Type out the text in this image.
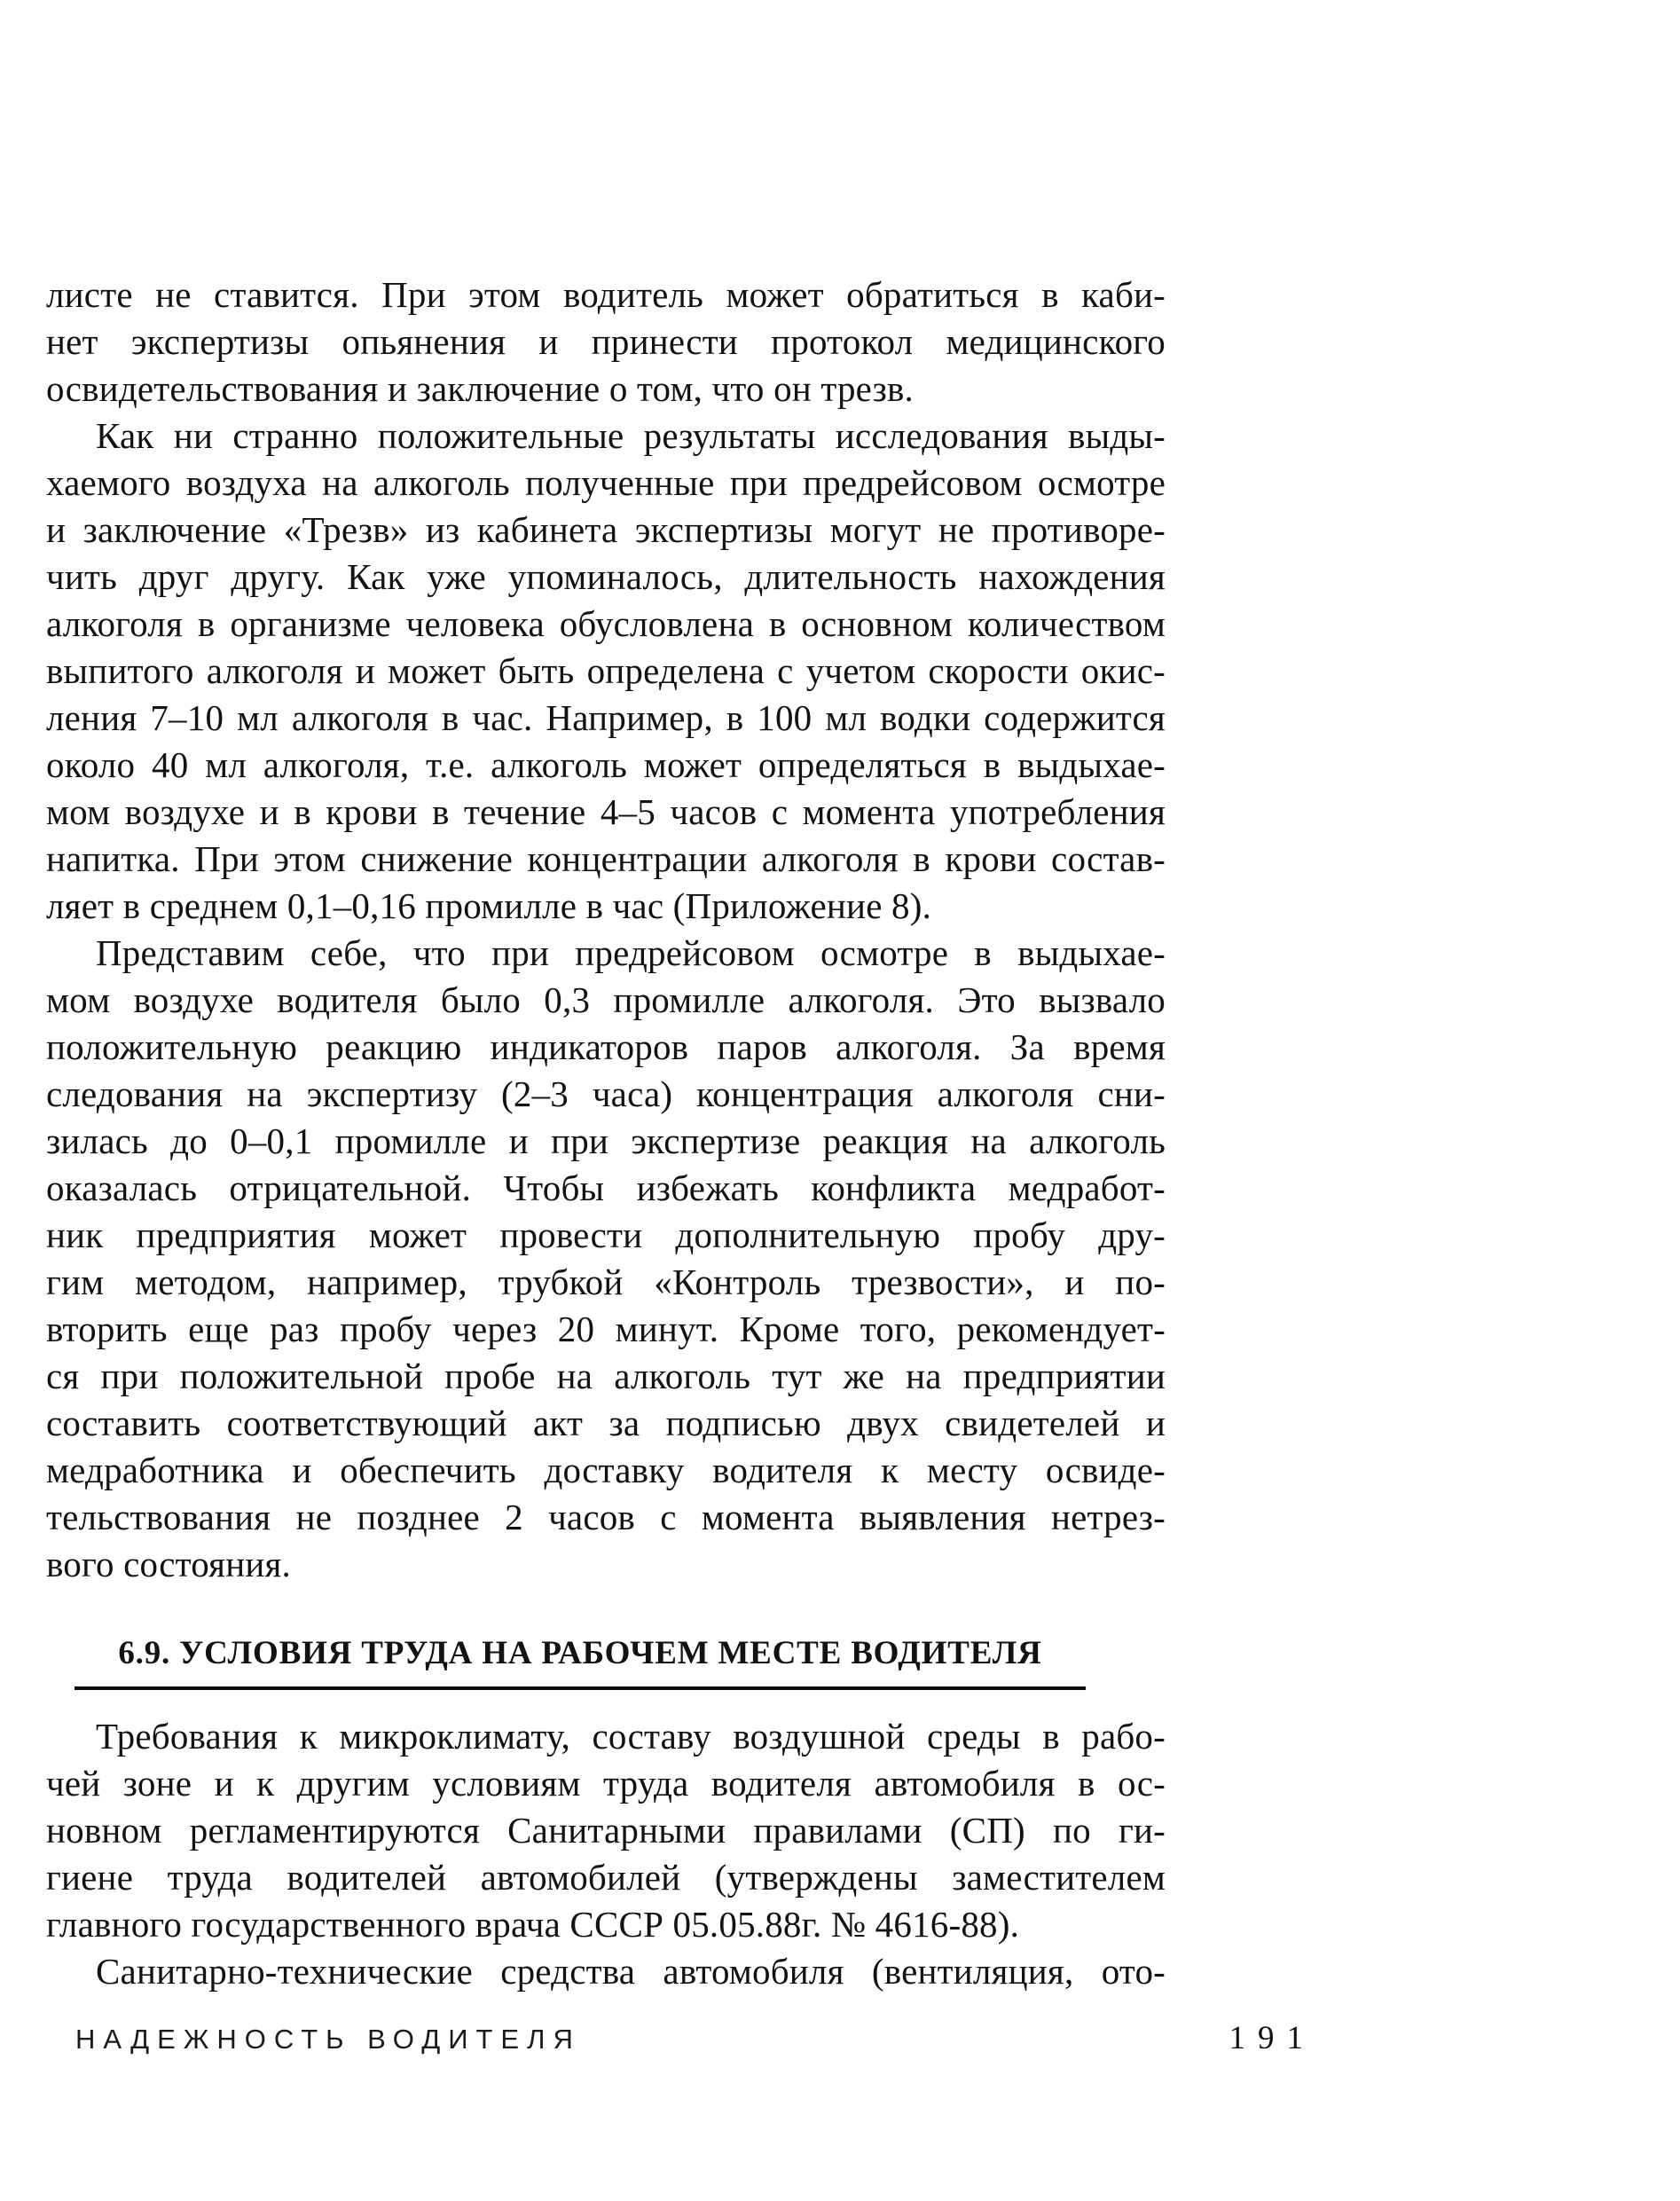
листе не ставится. При этом водитель может обратиться в каби-
нет экспертизы опьянения и принести протокол медицинского
освидетельствования и заключение о том, что он трезв.
Как ни странно положительные результаты исследования выды-
хаемого воздуха на алкоголь полученные при предрейсовом осмотре
и заключение «Трезв» из кабинета экспертизы могут не противоре-
чить друг другу. Как уже упоминалось, длительность нахождения
алкоголя в организме человека обусловлена в основном количеством
выпитого алкоголя и может быть определена с учетом скорости окис-
ления 7–10 мл алкоголя в час. Например, в 100 мл водки содержится
около 40 мл алкоголя, т.е. алкоголь может определяться в выдыхае-
мом воздухе и в крови в течение 4–5 часов с момента употребления
напитка. При этом снижение концентрации алкоголя в крови состав-
ляет в среднем 0,1–0,16 промилле в час (Приложение 8).
Представим себе, что при предрейсовом осмотре в выдыхае-
мом воздухе водителя было 0,3 промилле алкоголя. Это вызвало
положительную реакцию индикаторов паров алкоголя. За время
следования на экспертизу (2–3 часа) концентрация алкоголя сни-
зилась до 0–0,1 промилле и при экспертизе реакция на алкоголь
оказалась отрицательной. Чтобы избежать конфликта медработ-
ник предприятия может провести дополнительную пробу дру-
гим методом, например, трубкой «Контроль трезвости», и по-
вторить еще раз пробу через 20 минут. Кроме того, рекомендует-
ся при положительной пробе на алкоголь тут же на предприятии
составить соответствующий акт за подписью двух свидетелей и
медработника и обеспечить доставку водителя к месту освиде-
тельствования не позднее 2 часов с момента выявления нетрез-
вого состояния.
6.9. УСЛОВИЯ ТРУДА НА РАБОЧЕМ МЕСТЕ ВОДИТЕЛЯ
Требования к микроклимату, составу воздушной среды в рабо-
чей зоне и к другим условиям труда водителя автомобиля в ос-
новном регламентируются Санитарными правилами (СП) по ги-
гиене труда водителей автомобилей (утверждены заместителем
главного государственного врача СССР 05.05.88г. № 4616-88).
Санитарно-технические средства автомобиля (вентиляция, ото-
НАДЕЖНОСТЬ ВОДИТЕЛЯ	191
